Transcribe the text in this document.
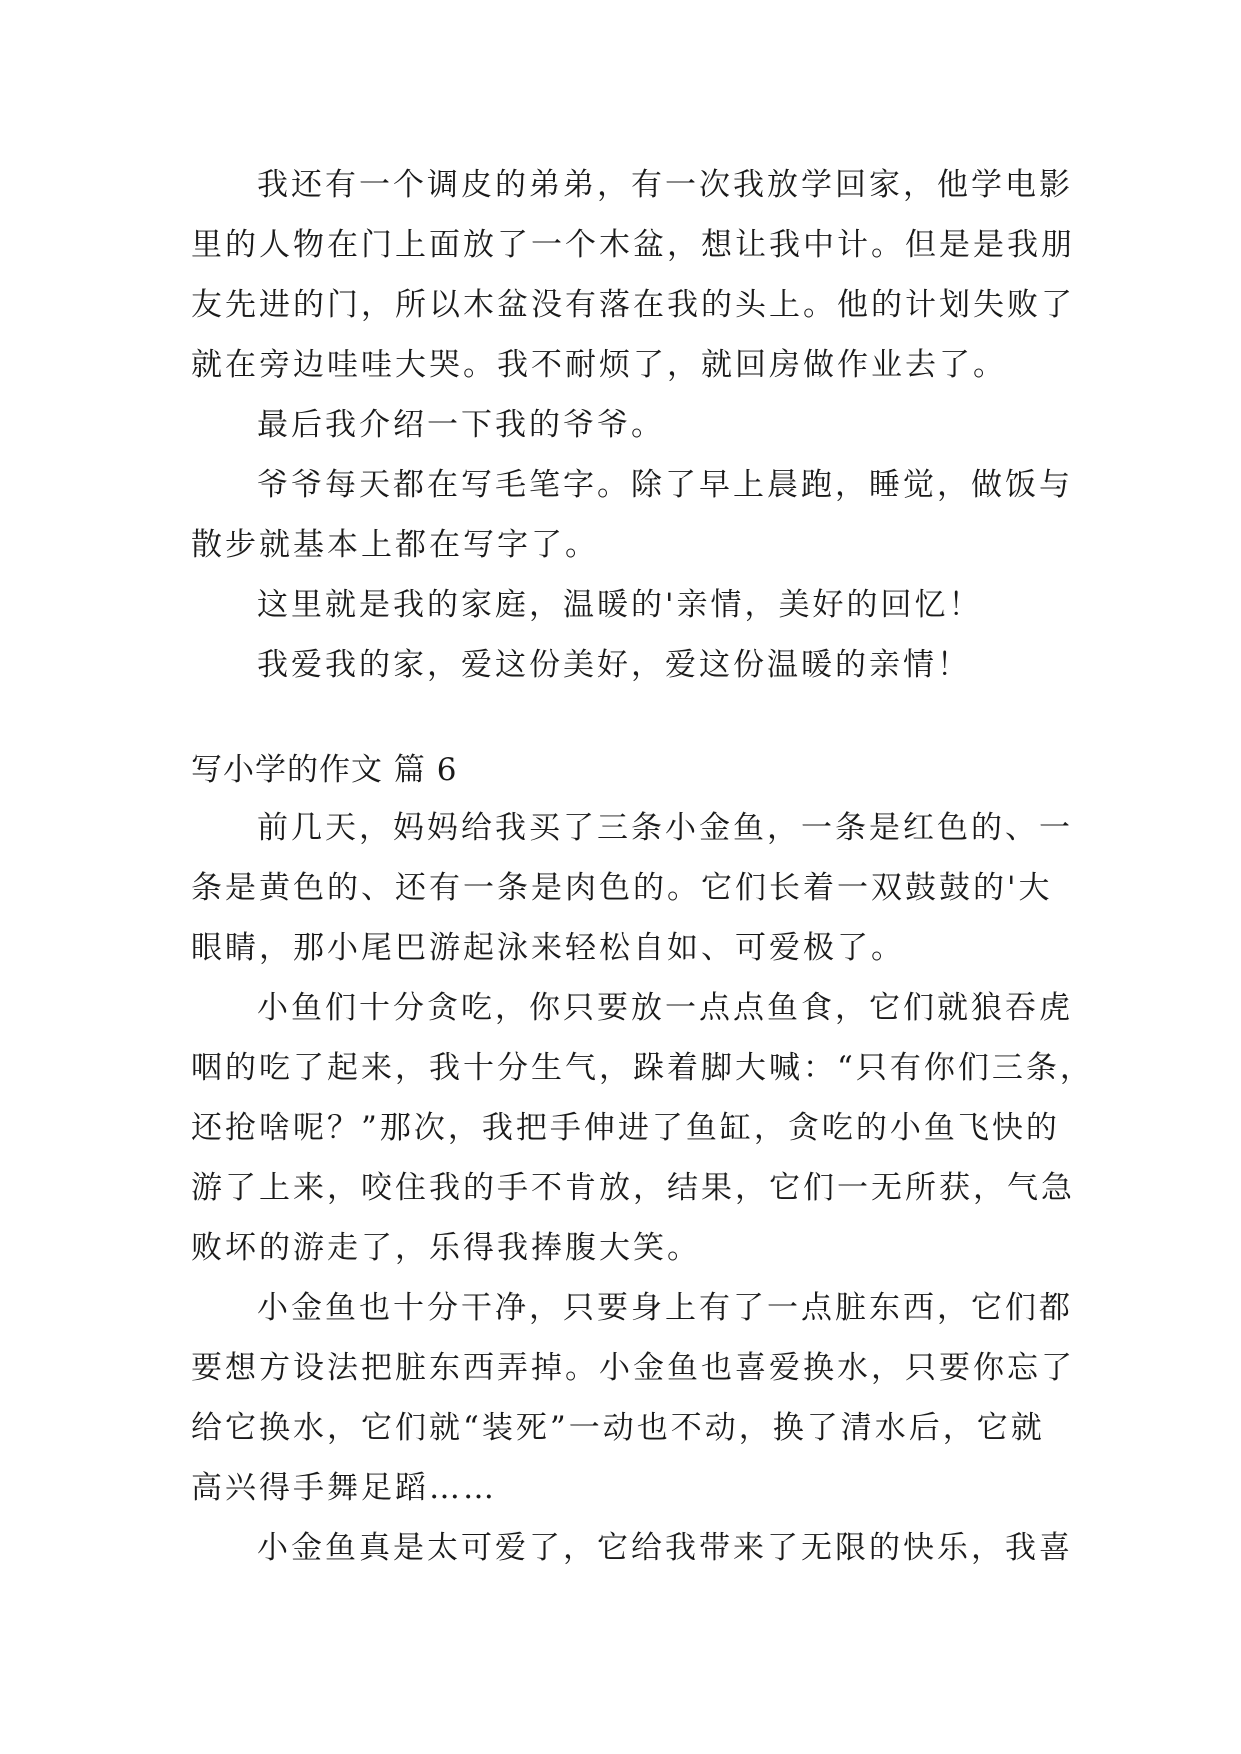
我还有一个调皮的弟弟，有一次我放学回家，他学电影

里的人物在门上面放了一个木盆，想让我中计。但是是我朋

友先进的门，所以木盆没有落在我的头上。他的计划失败了

就在旁边哇哇大哭。我不耐烦了，就回房做作业去了。

最后我介绍一下我的爷爷。

爷爷每天都在写毛笔字。除了早上晨跑，睡觉，做饭与

散步就基本上都在写字了。

这里就是我的家庭，温暖的'亲情，美好的回忆！

我爱我的家，爱这份美好，爱这份温暖的亲情！

写小学的作文 篇 6

前几天，妈妈给我买了三条小金鱼，一条是红色的、一

条是黄色的、还有一条是肉色的。它们长着一双鼓鼓的'大

眼睛，那小尾巴游起泳来轻松自如、可爱极了。

小鱼们十分贪吃，你只要放一点点鱼食，它们就狼吞虎

咽的吃了起来，我十分生气，跺着脚大喊：“只有你们三条，

还抢啥呢？”那次，我把手伸进了鱼缸，贪吃的小鱼飞快的

游了上来，咬住我的手不肯放，结果，它们一无所获，气急

败坏的游走了，乐得我捧腹大笑。

小金鱼也十分干净，只要身上有了一点脏东西，它们都

要想方设法把脏东西弄掉。小金鱼也喜爱换水，只要你忘了

给它换水，它们就“装死”一动也不动，换了清水后，它就

高兴得手舞足蹈……

小金鱼真是太可爱了，它给我带来了无限的快乐，我喜
